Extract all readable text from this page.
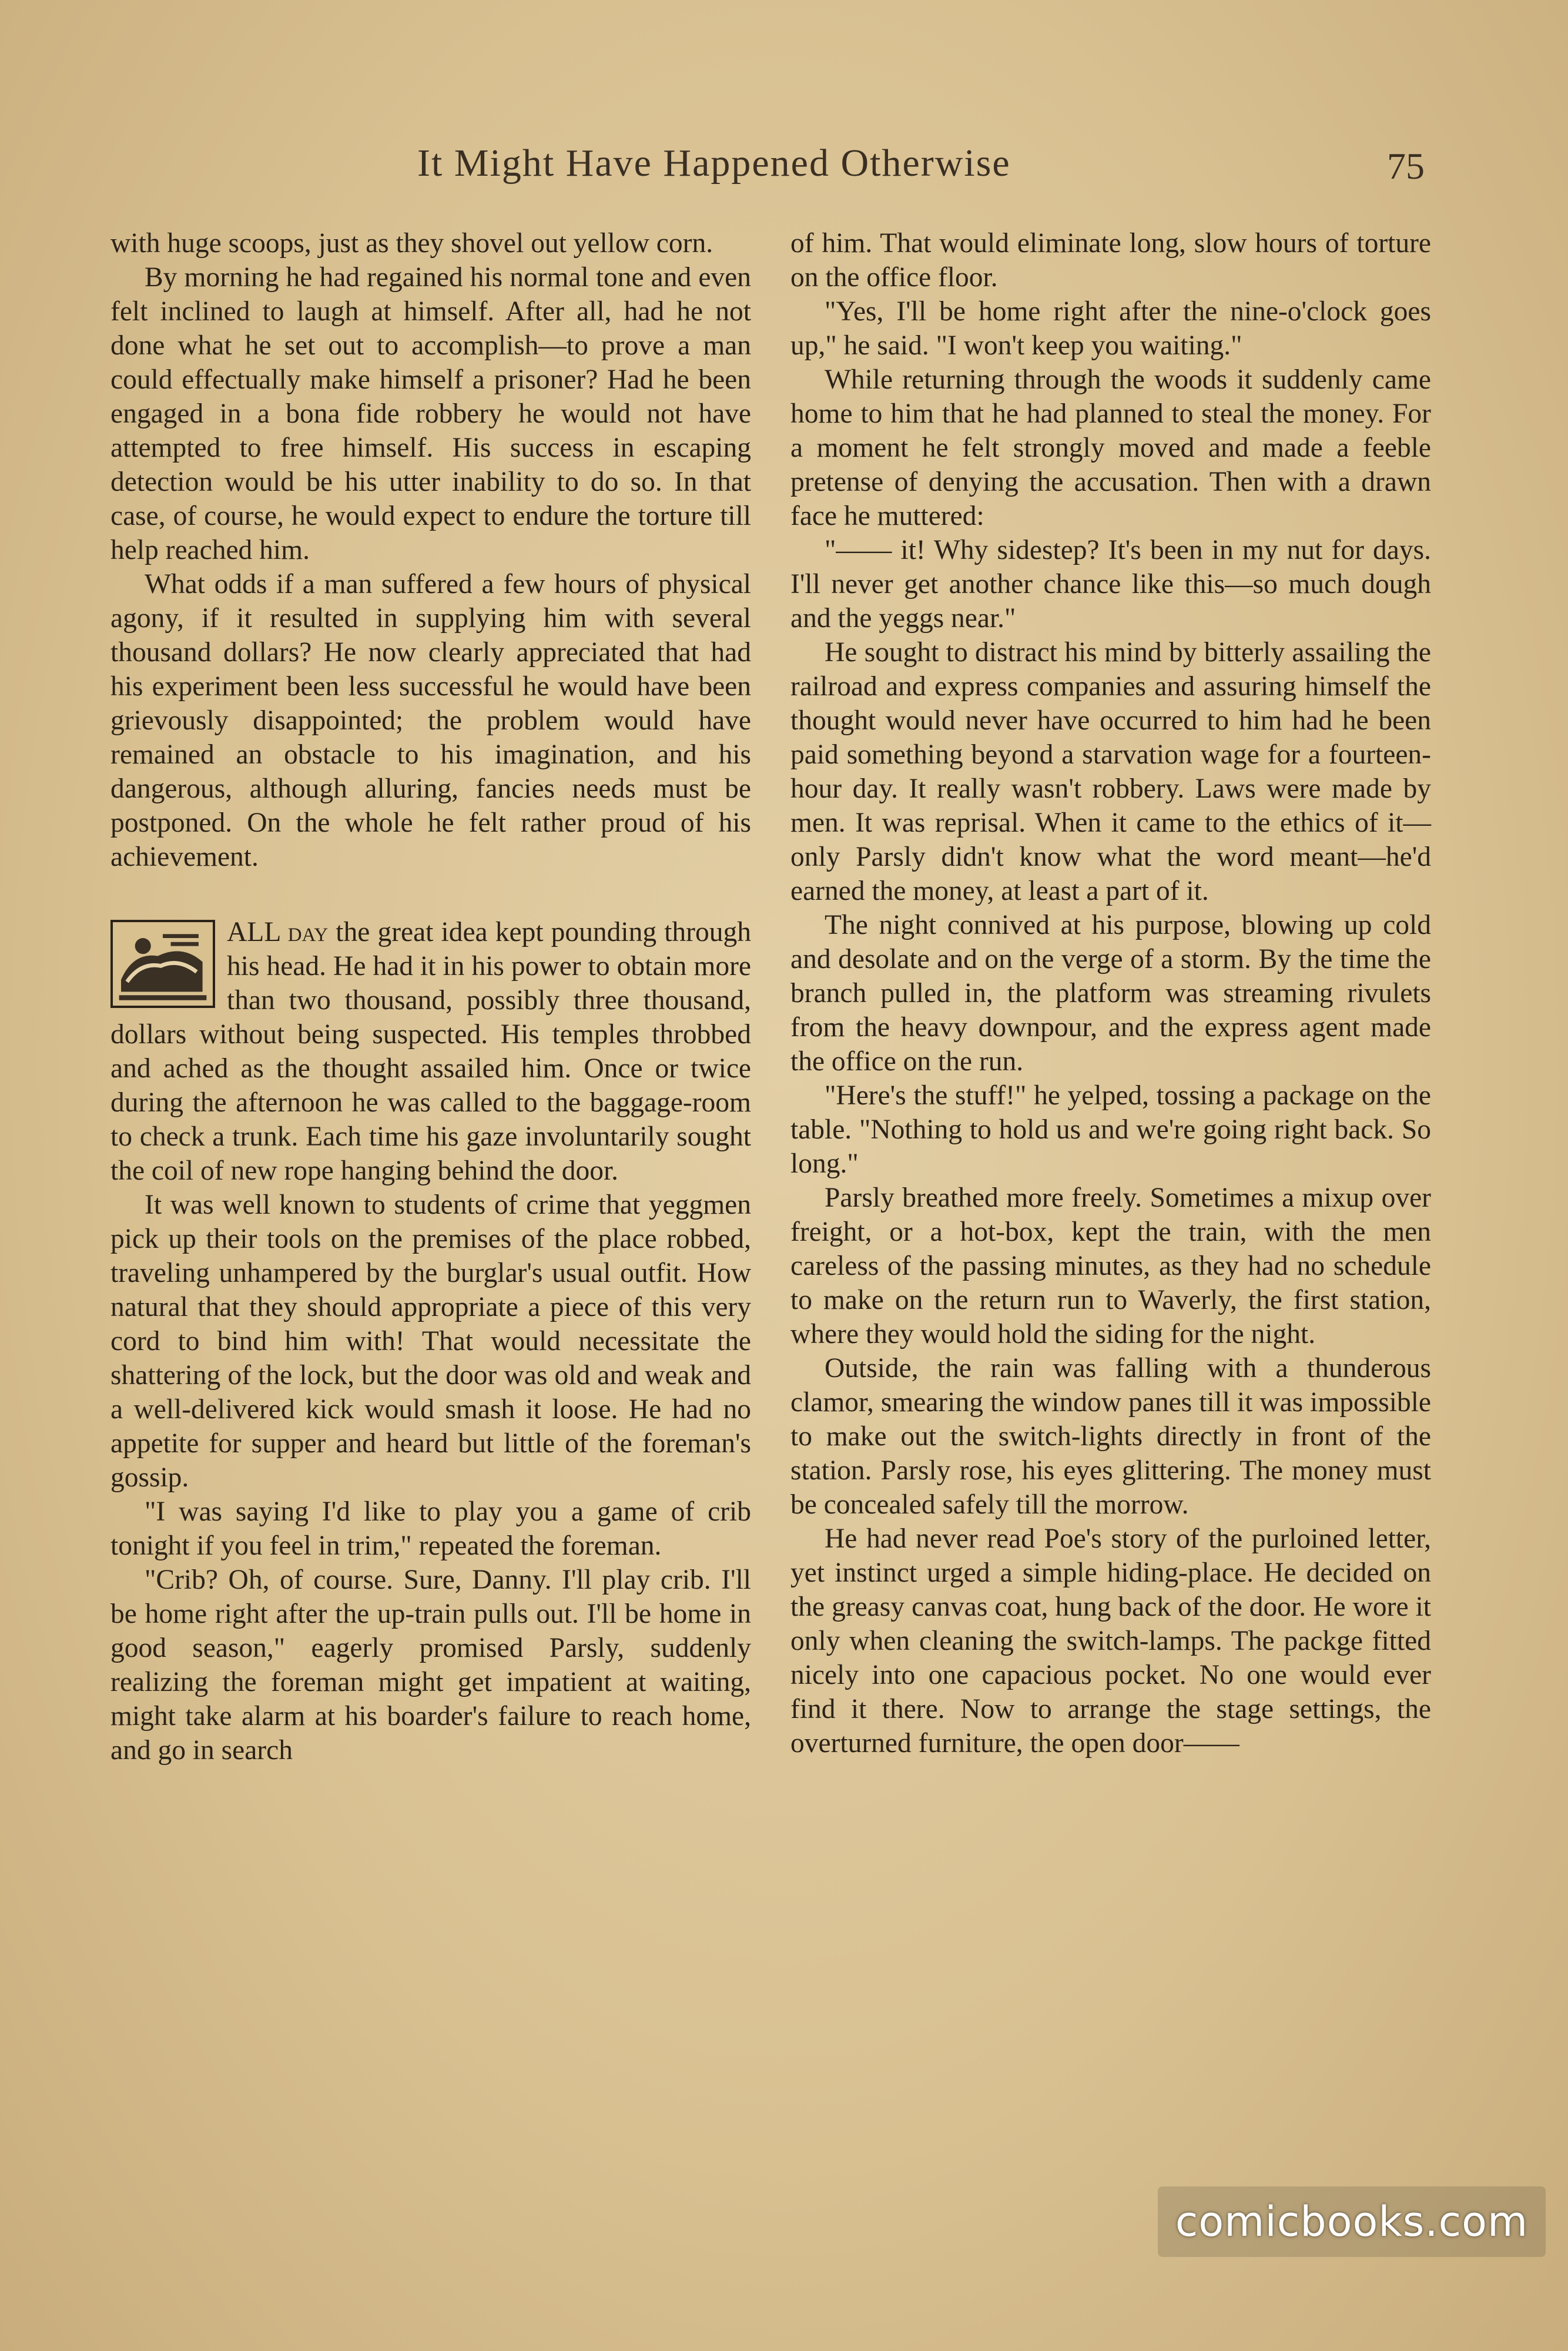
It Might Have Happened Otherwise	75

with huge scoops, just as they shovel out yellow corn.

By morning he had regained his normal tone and even felt inclined to laugh at himself. After all, had he not done what he set out to accomplish—to prove a man could effectually make himself a prisoner? Had he been engaged in a bona fide robbery he would not have attempted to free himself. His success in escaping detection would be his utter inability to do so. In that case, of course, he would expect to endure the torture till help reached him.

What odds if a man suffered a few hours of physical agony, if it resulted in supplying him with several thousand dollars? He now clearly appreciated that had his experiment been less successful he would have been grievously disappointed; the problem would have remained an obstacle to his imagination, and his dangerous, although alluring, fancies needs must be postponed. On the whole he felt rather proud of his achievement.

ALL day the great idea kept pounding through his head. He had it in his power to obtain more than two thousand, possibly three thousand, dollars without being suspected. His temples throbbed and ached as the thought assailed him. Once or twice during the afternoon he was called to the baggage-room to check a trunk. Each time his gaze involuntarily sought the coil of new rope hanging behind the door.

It was well known to students of crime that yeggmen pick up their tools on the premises of the place robbed, traveling unhampered by the burglar's usual outfit. How natural that they should appropriate a piece of this very cord to bind him with! That would necessitate the shattering of the lock, but the door was old and weak and a well-delivered kick would smash it loose. He had no appetite for supper and heard but little of the foreman's gossip.

"I was saying I'd like to play you a game of crib tonight if you feel in trim," repeated the foreman.

"Crib? Oh, of course. Sure, Danny. I'll play crib. I'll be home right after the up-train pulls out. I'll be home in good season," eagerly promised Parsly, suddenly realizing the foreman might get impatient at waiting, might take alarm at his boarder's failure to reach home, and go in search

of him. That would eliminate long, slow hours of torture on the office floor.

"Yes, I'll be home right after the nine-o'clock goes up," he said. "I won't keep you waiting."

While returning through the woods it suddenly came home to him that he had planned to steal the money. For a moment he felt strongly moved and made a feeble pretense of denying the accusation. Then with a drawn face he muttered:

"—— it! Why sidestep? It's been in my nut for days. I'll never get another chance like this—so much dough and the yeggs near."

He sought to distract his mind by bitterly assailing the railroad and express companies and assuring himself the thought would never have occurred to him had he been paid something beyond a starvation wage for a fourteen-hour day. It really wasn't robbery. Laws were made by men. It was reprisal. When it came to the ethics of it—only Parsly didn't know what the word meant—he'd earned the money, at least a part of it.

The night connived at his purpose, blowing up cold and desolate and on the verge of a storm. By the time the branch pulled in, the platform was streaming rivulets from the heavy downpour, and the express agent made the office on the run.

"Here's the stuff!" he yelped, tossing a package on the table. "Nothing to hold us and we're going right back. So long."

Parsly breathed more freely. Sometimes a mixup over freight, or a hot-box, kept the train, with the men careless of the passing minutes, as they had no schedule to make on the return run to Waverly, the first station, where they would hold the siding for the night.

Outside, the rain was falling with a thunderous clamor, smearing the window panes till it was impossible to make out the switch-lights directly in front of the station. Parsly rose, his eyes glittering. The money must be concealed safely till the morrow.

He had never read Poe's story of the purloined letter, yet instinct urged a simple hiding-place. He decided on the greasy canvas coat, hung back of the door. He wore it only when cleaning the switch-lamps. The packge fitted nicely into one capacious pocket. No one would ever find it there. Now to arrange the stage settings, the overturned furniture, the open door——

comicbooks.com
